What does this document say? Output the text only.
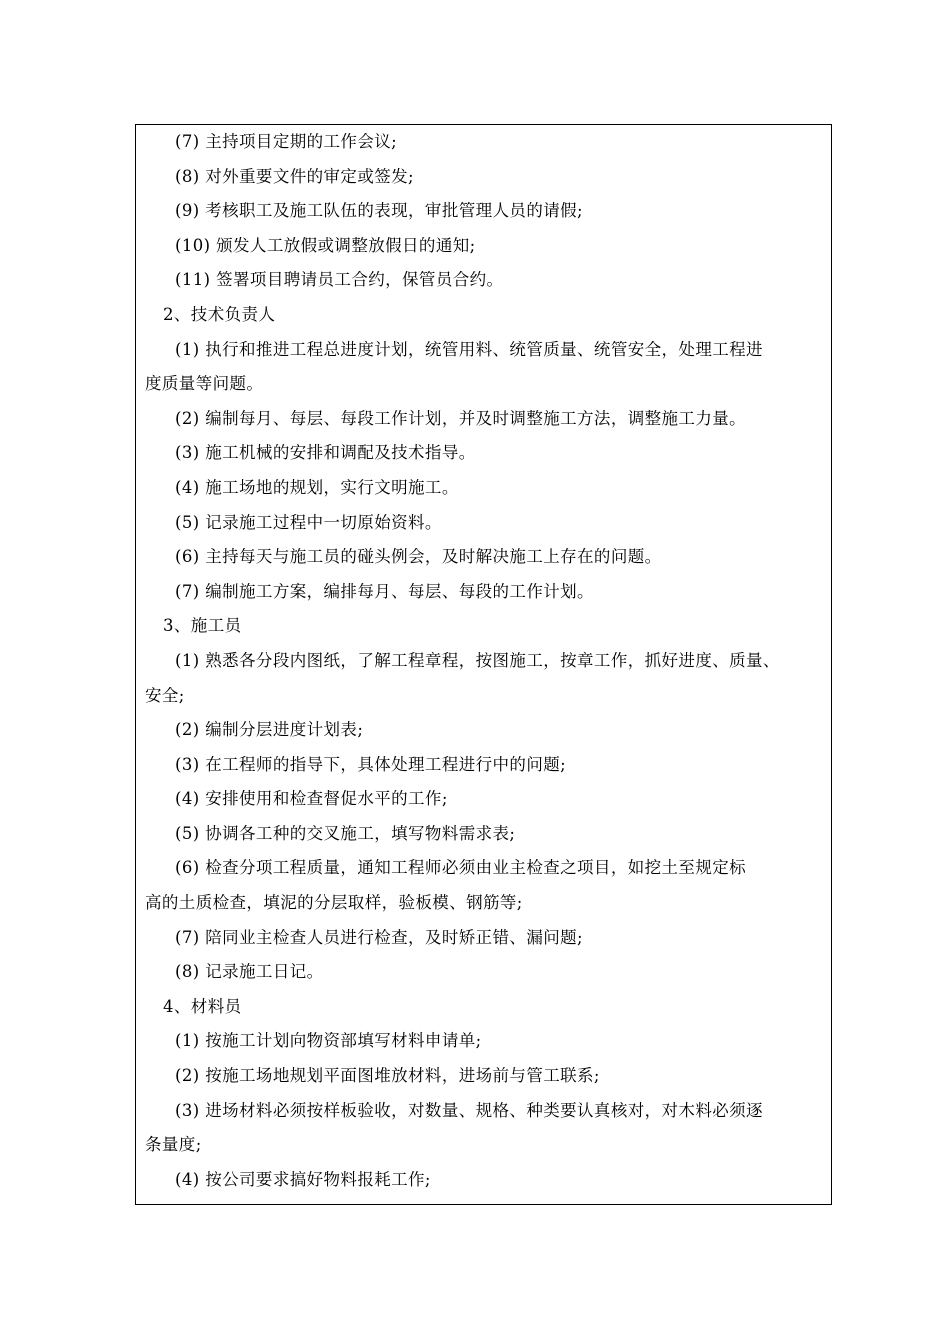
(7) 主持项目定期的工作会议;
(8) 对外重要文件的审定或签发;
(9) 考核职工及施工队伍的表现，审批管理人员的请假;
(10) 颁发人工放假或调整放假日的通知;
(11) 签署项目聘请员工合约，保管员合约。
2、技术负责人
(1) 执行和推进工程总进度计划，统管用料、统管质量、统管安全，处理工程进
度质量等问题。
(2) 编制每月、每层、每段工作计划，并及时调整施工方法，调整施工力量。
(3) 施工机械的安排和调配及技术指导。
(4) 施工场地的规划，实行文明施工。
(5) 记录施工过程中一切原始资料。
(6) 主持每天与施工员的碰头例会，及时解决施工上存在的问题。
(7) 编制施工方案，编排每月、每层、每段的工作计划。
3、施工员
(1) 熟悉各分段内图纸，了解工程章程，按图施工，按章工作，抓好进度、质量、
安全;
(2) 编制分层进度计划表;
(3) 在工程师的指导下，具体处理工程进行中的问题;
(4) 安排使用和检查督促水平的工作;
(5) 协调各工种的交叉施工，填写物料需求表;
(6) 检查分项工程质量，通知工程师必须由业主检查之项目，如挖土至规定标
高的土质检查，填泥的分层取样，验板模、钢筋等;
(7) 陪同业主检查人员进行检查，及时矫正错、漏问题;
(8) 记录施工日记。
4、材料员
(1) 按施工计划向物资部填写材料申请单;
(2) 按施工场地规划平面图堆放材料，进场前与管工联系;
(3) 进场材料必须按样板验收，对数量、规格、种类要认真核对，对木料必须逐
条量度;
(4) 按公司要求搞好物料报耗工作;
